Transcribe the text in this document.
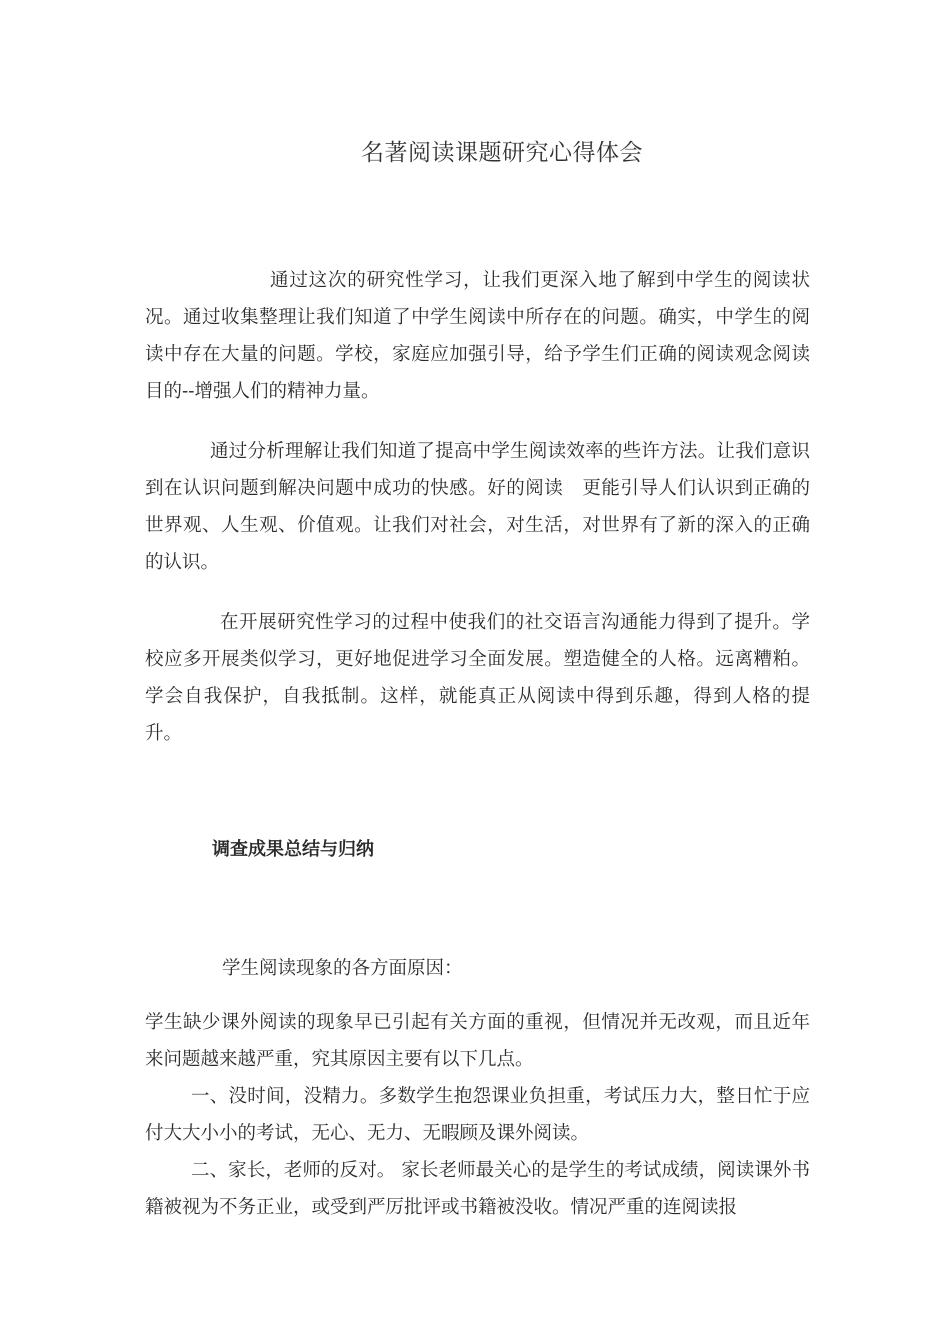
名著阅读课题研究心得体会

通过这次的研究性学习，让我们更深入地了解到中学生的阅读状况。通过收集整理让我们知道了中学生阅读中所存在的问题。确实，中学生的阅读中存在大量的问题。学校，家庭应加强引导，给予学生们正确的阅读观念阅读目的--增强人们的精神力量。

通过分析理解让我们知道了提高中学生阅读效率的些许方法。让我们意识到在认识问题到解决问题中成功的快感。好的阅读　更能引导人们认识到正确的世界观、人生观、价值观。让我们对社会，对生活，对世界有了新的深入的正确的认识。

在开展研究性学习的过程中使我们的社交语言沟通能力得到了提升。学校应多开展类似学习，更好地促进学习全面发展。塑造健全的人格。远离糟粕。学会自我保护，自我抵制。这样，就能真正从阅读中得到乐趣，得到人格的提升。

调查成果总结与归纳
学生阅读现象的各方面原因：

学生缺少课外阅读的现象早已引起有关方面的重视，但情况并无改观，而且近年来问题越来越严重，究其原因主要有以下几点。

一、没时间，没精力。多数学生抱怨课业负担重，考试压力大，整日忙于应付大大小小的考试，无心、无力、无暇顾及课外阅读。

二、家长，老师的反对。 家长老师最关心的是学生的考试成绩，阅读课外书籍被视为不务正业，或受到严厉批评或书籍被没收。情况严重的连阅读报
